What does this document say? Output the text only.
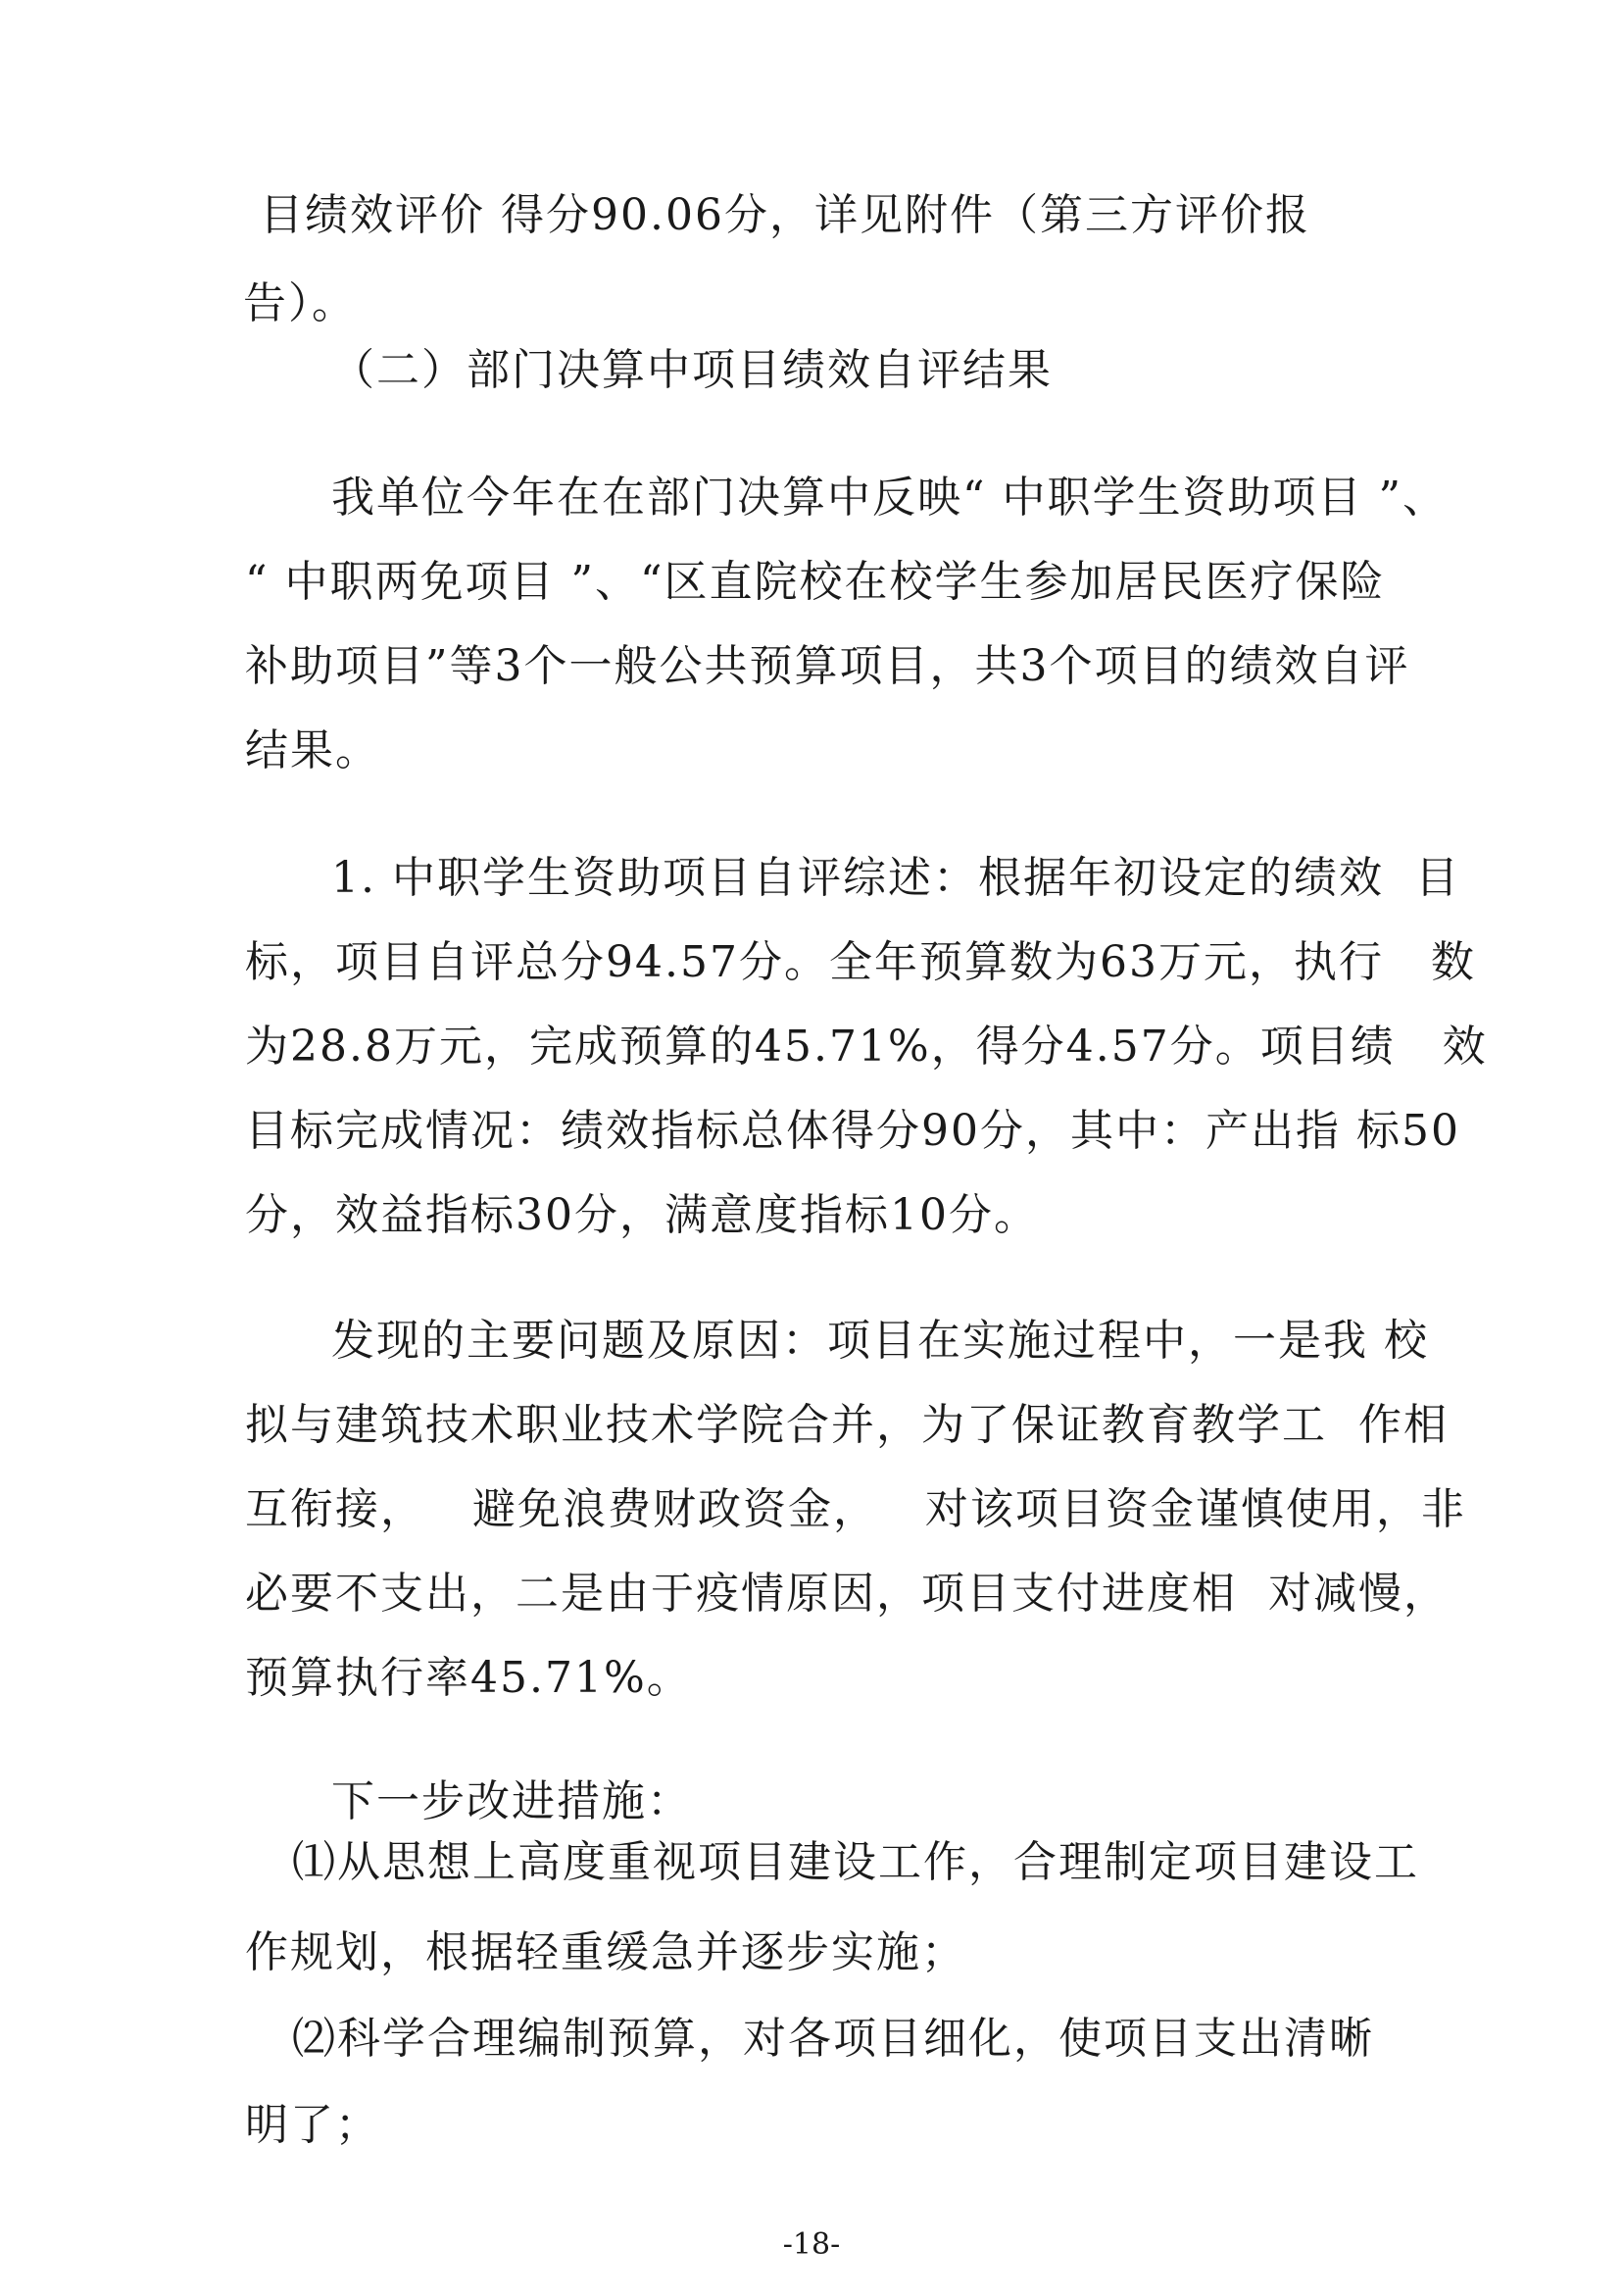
目绩效评价 得分90.06分，详见附件（第三方评价报
告）。
（二）部门决算中项目绩效自评结果
我单位今年在在部门决算中反映“ 中职学生资助项目 ”、
“ 中职两免项目 ”、“区直院校在校学生参加居民医疗保险
补助项目”等3个一般公共预算项目，共3个项目的绩效自评
结果。
1. 中职学生资助项目自评综述：根据年初设定的绩效  目
标，项目自评总分94.57分。全年预算数为63万元，执行   数
为28.8万元，完成预算的45.71%，得分4.57分。项目绩   效
目标完成情况：绩效指标总体得分90分，其中：产出指 标50
分，效益指标30分，满意度指标10分。
发现的主要问题及原因：项目在实施过程中，一是我 校
拟与建筑技术职业技术学院合并，为了保证教育教学工  作相
互衔接，   避免浪费财政资金，   对该项目资金谨慎使用，非
必要不支出，二是由于疫情原因，项目支付进度相  对减慢，
预算执行率45.71%。
下一步改进措施：
⑴从思想上高度重视项目建设工作，合理制定项目建设工
作规划，根据轻重缓急并逐步实施；
⑵科学合理编制预算，对各项目细化，使项目支出清晰
明了；
-18-
